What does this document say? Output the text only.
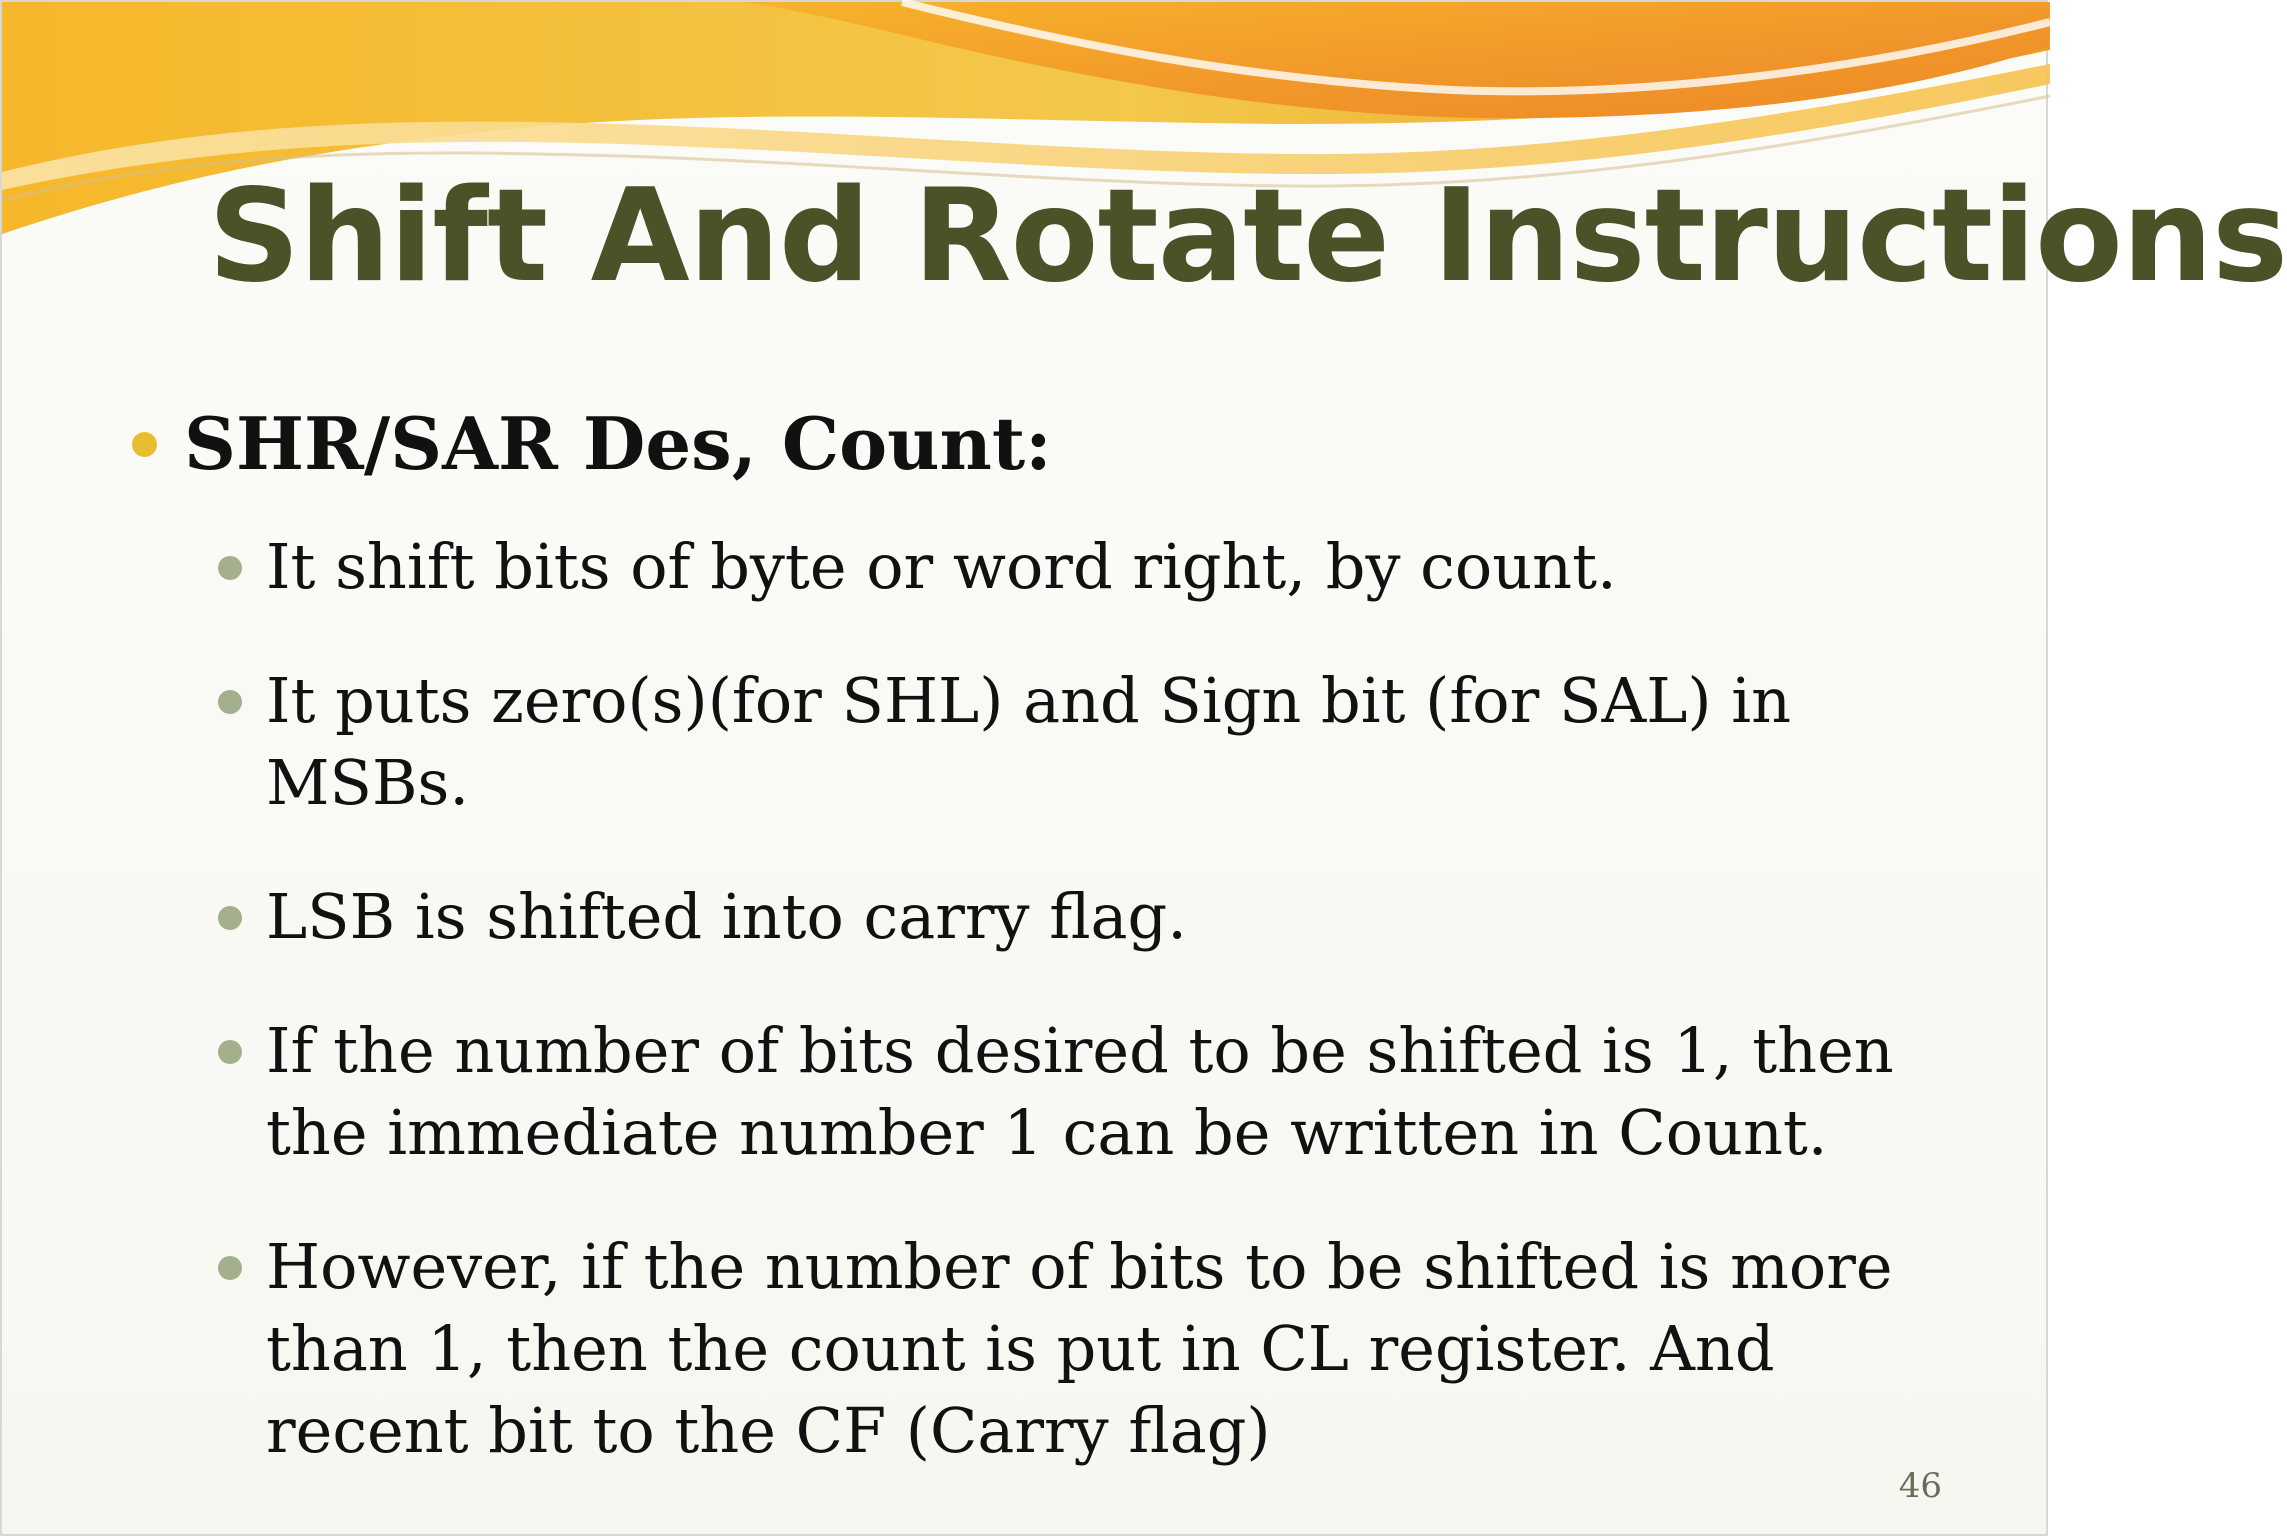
Shift And Rotate Instructions
SHR/SAR Des, Count:
It shift bits of byte or word right, by count.
It puts zero(s)(for SHL) and Sign bit (for SAL) in MSBs.
LSB is shifted into carry flag.
If the number of bits desired to be shifted is 1, then the immediate number 1 can be written in Count.
However, if the number of bits to be shifted is more than 1, then the count is put in CL register. And recent bit to the CF (Carry flag)
46
